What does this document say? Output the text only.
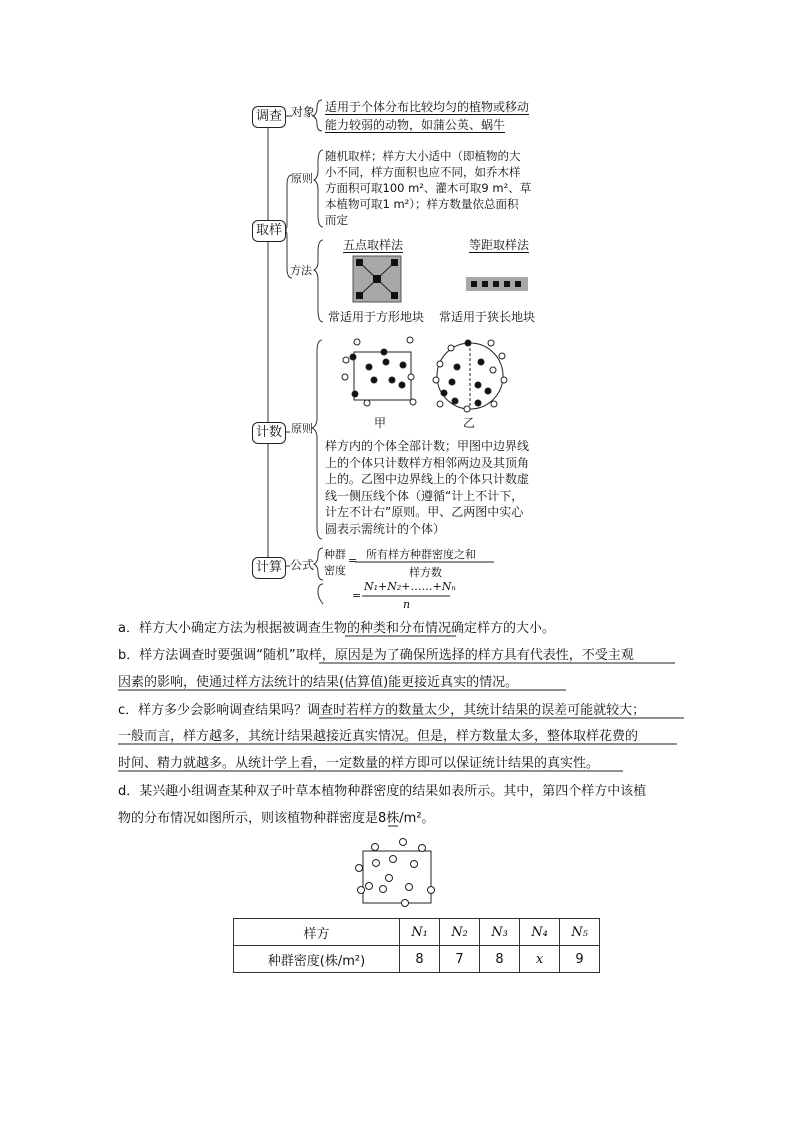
调查
取样
计数
计算
对象
原则
方法
原则
公式
适用于个体分布比较均匀的植物或移动
能力较弱的动物，如蒲公英、蜗牛
随机取样；样方大小适中（即植物的大
小不同，样方面积也应不同，如乔木样
方面积可取100 m²、灌木可取9 m²、草
本植物可取1 m²）；样方数量依总面积
而定
五点取样法	等距取样法
常适用于方形地块 常适用于狭长地块
甲	乙
样方内的个体全部计数；甲图中边界线
上的个体只计数样方相邻两边及其顶角
上的。乙图中边界线上的个体只计数虚
线一侧压线个体（遵循“计上不计下，
计左不计右”原则。甲、乙两图中实心
圆表示需统计的个体）
种群
密度
= 所有样方种群密度之和
样方数
=
N₁+N₂+……+Nₙ
n
a．样方大小确定方法为根据被调查生物的种类和分布情况确定样方的大小。
b．样方法调查时要强调“随机”取样，原因是为了确保所选择的样方具有代表性，不受主观
因素的影响，使通过样方法统计的结果(估算值)能更接近真实的情况。
c．样方多少会影响调查结果吗？调查时若样方的数量太少，其统计结果的误差可能就较大；
一般而言，样方越多，其统计结果越接近真实情况。但是，样方数量太多，整体取样花费的
时间、精力就越多。从统计学上看，一定数量的样方即可以保证统计结果的真实性。
d．某兴趣小组调查某种双子叶草本植物种群密度的结果如表所示。其中，第四个样方中该植
物的分布情况如图所示，则该植物种群密度是8株/m²。
样方	N₁	N₂	N₃	N₄	N₅
种群密度(株/m²)	8	7	8	x	9
